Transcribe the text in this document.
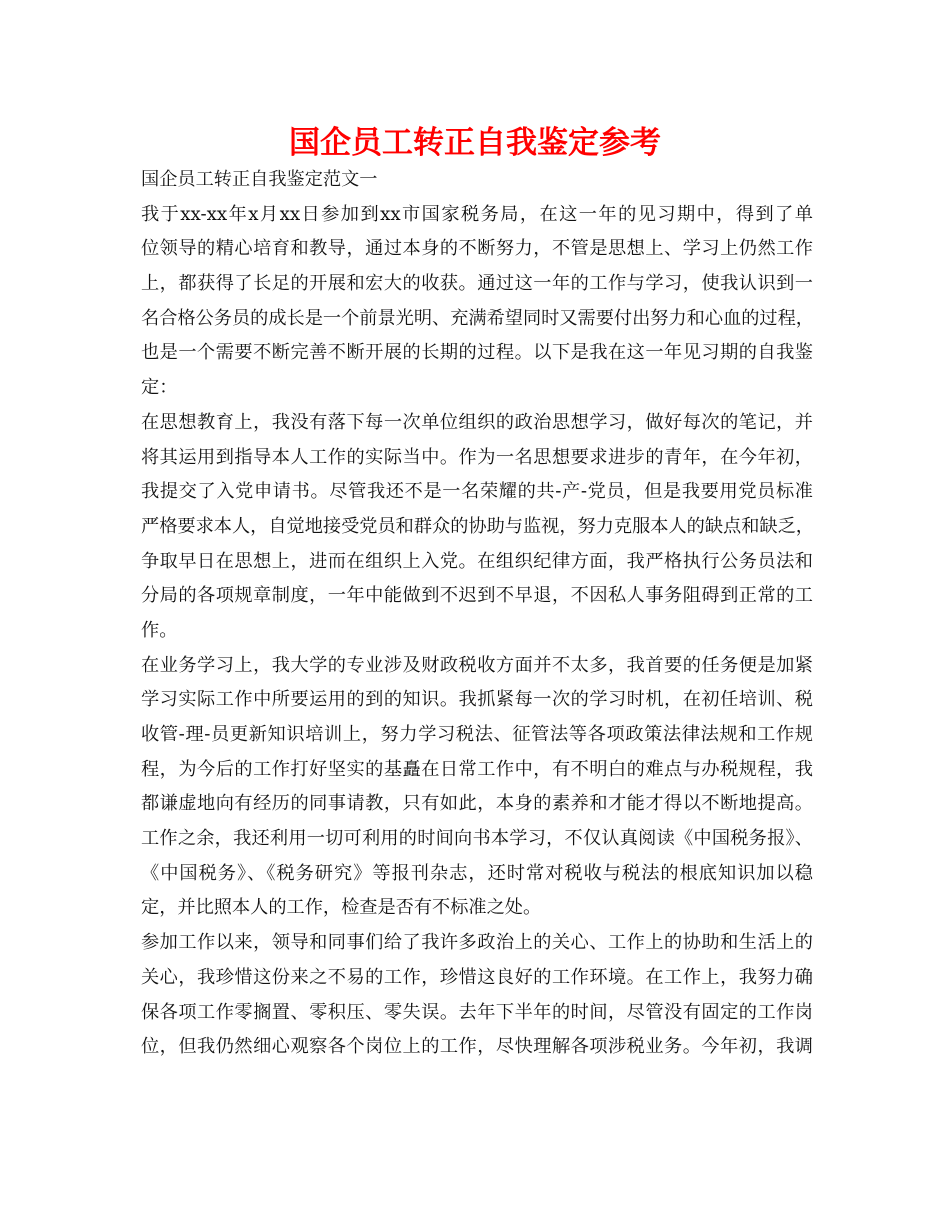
国企员工转正自我鉴定参考
国企员工转正自我鉴定范文一
我于xx-xx年x月xx日参加到xx市国家税务局，在这一年的见习期中，得到了单
位领导的精心培育和教导，通过本身的不断努力，不管是思想上、学习上仍然工作
上，都获得了长足的开展和宏大的收获。通过这一年的工作与学习，使我认识到一
名合格公务员的成长是一个前景光明、充满希望同时又需要付出努力和心血的过程，
也是一个需要不断完善不断开展的长期的过程。以下是我在这一年见习期的自我鉴
定：
在思想教育上，我没有落下每一次单位组织的政治思想学习，做好每次的笔记，并
将其运用到指导本人工作的实际当中。作为一名思想要求进步的青年，在今年初，
我提交了入党申请书。尽管我还不是一名荣耀的共-产-党员，但是我要用党员标准
严格要求本人，自觉地接受党员和群众的协助与监视，努力克服本人的缺点和缺乏，
争取早日在思想上，进而在组织上入党。在组织纪律方面，我严格执行公务员法和
分局的各项规章制度，一年中能做到不迟到不早退，不因私人事务阻碍到正常的工
作。
在业务学习上，我大学的专业涉及财政税收方面并不太多，我首要的任务便是加紧
学习实际工作中所要运用的到的知识。我抓紧每一次的学习时机，在初任培训、税
收管-理-员更新知识培训上，努力学习税法、征管法等各项政策法律法规和工作规
程，为今后的工作打好坚实的基矗在日常工作中，有不明白的难点与办税规程，我
都谦虚地向有经历的同事请教，只有如此，本身的素养和才能才得以不断地提高。
工作之余，我还利用一切可利用的时间向书本学习，不仅认真阅读《中国税务报》、
《中国税务》、《税务研究》等报刊杂志，还时常对税收与税法的根底知识加以稳
定，并比照本人的工作，检查是否有不标准之处。
参加工作以来，领导和同事们给了我许多政治上的关心、工作上的协助和生活上的
关心，我珍惜这份来之不易的工作，珍惜这良好的工作环境。在工作上，我努力确
保各项工作零搁置、零积压、零失误。去年下半年的时间，尽管没有固定的工作岗
位，但我仍然细心观察各个岗位上的工作，尽快理解各项涉税业务。今年初，我调
